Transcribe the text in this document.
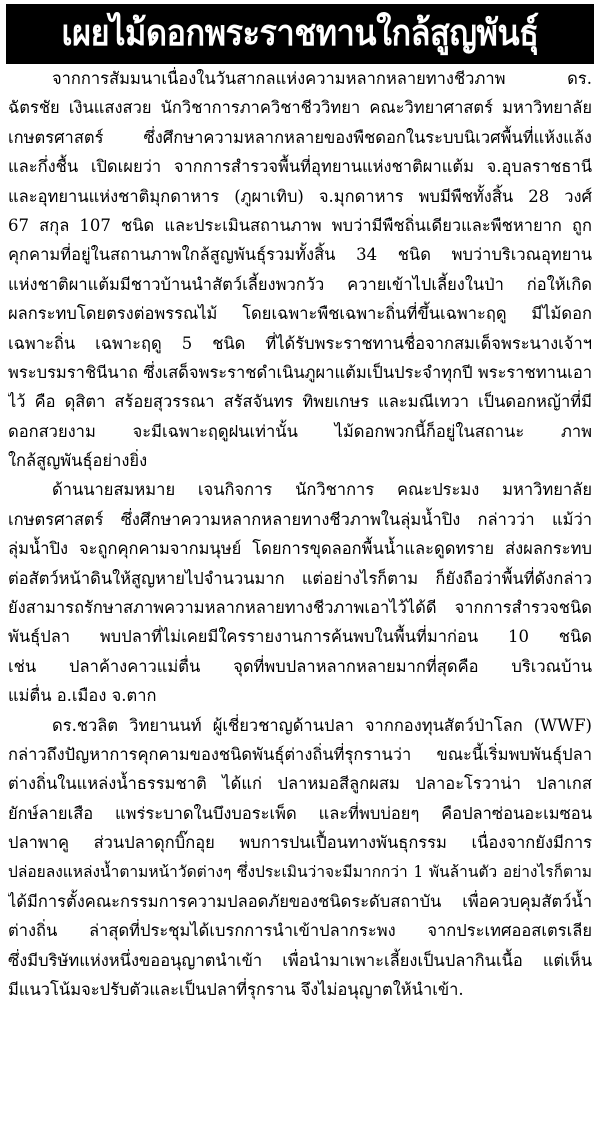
เผยไม้ดอกพระราชทานใกล้สูญพันธุ์
จากการสัมมนาเนื่องในวันสากลแห่งความหลากหลายทางชีวภาพ ดร.
ฉัตรชัย เงินแสงสวย นักวิชาการภาควิชาชีววิทยา คณะวิทยาศาสตร์ มหาวิทยาลัย
เกษตรศาสตร์ ซึ่งศึกษาความหลากหลายของพืชดอกในระบบนิเวศพื้นที่แห้งแล้ง
และกึ่งชื้น เปิดเผยว่า จากการสำรวจพื้นที่อุทยานแห่งชาติผาแต้ม จ.อุบลราชธานี
และอุทยานแห่งชาติมุกดาหาร (ภูผาเทิบ) จ.มุกดาหาร พบมีพืชทั้งสิ้น 28 วงศ์
67 สกุล 107 ชนิด และประเมินสถานภาพ พบว่ามีพืชถิ่นเดียวและพืชหายาก ถูก
คุกคามที่อยู่ในสถานภาพใกล้สูญพันธุ์รวมทั้งสิ้น 34 ชนิด พบว่าบริเวณอุทยาน
แห่งชาติผาแต้มมีชาวบ้านนำสัตว์เลี้ยงพวกวัว ควายเข้าไปเลี้ยงในป่า ก่อให้เกิด
ผลกระทบโดยตรงต่อพรรณไม้ โดยเฉพาะพืชเฉพาะถิ่นที่ขึ้นเฉพาะฤดู มีไม้ดอก
เฉพาะถิ่น เฉพาะฤดู 5 ชนิด ที่ได้รับพระราชทานชื่อจากสมเด็จพระนางเจ้าฯ
พระบรมราชินีนาถ ซึ่งเสด็จพระราชดำเนินภูผาแต้มเป็นประจำทุกปี พระราชทานเอา
ไว้ คือ ดุสิตา สร้อยสุวรรณา สรัสจันทร ทิพยเกษร และมณีเทวา เป็นดอกหญ้าที่มี
ดอกสวยงาม จะมีเฉพาะฤดูฝนเท่านั้น ไม้ดอกพวกนี้ก็อยู่ในสถานะ ภาพ
ใกล้สูญพันธุ์อย่างยิ่ง
ด้านนายสมหมาย เจนกิจการ นักวิชาการ คณะประมง มหาวิทยาลัย
เกษตรศาสตร์ ซึ่งศึกษาความหลากหลายทางชีวภาพในลุ่มน้ำปิง กล่าวว่า แม้ว่า
ลุ่มน้ำปิง จะถูกคุกคามจากมนุษย์ โดยการขุดลอกพื้นน้ำและดูดทราย ส่งผลกระทบ
ต่อสัตว์หน้าดินให้สูญหายไปจำนวนมาก แต่อย่างไรก็ตาม ก็ยังถือว่าพื้นที่ดังกล่าว
ยังสามารถรักษาสภาพความหลากหลายทางชีวภาพเอาไว้ได้ดี จากการสำรวจชนิด
พันธุ์ปลา พบปลาที่ไม่เคยมีใครรายงานการค้นพบในพื้นที่มาก่อน 10 ชนิด
เช่น ปลาค้างคาวแม่ตื่น จุดที่พบปลาหลากหลายมากที่สุดคือ บริเวณบ้าน
แม่ตื่น อ.เมือง จ.ตาก
ดร.ชวลิต วิทยานนท์ ผู้เชี่ยวชาญด้านปลา จากกองทุนสัตว์ป่าโลก (WWF)
กล่าวถึงปัญหาการคุกคามของชนิดพันธุ์ต่างถิ่นที่รุกรานว่า ขณะนี้เริ่มพบพันธุ์ปลา
ต่างถิ่นในแหล่งน้ำธรรมชาติ ได้แก่ ปลาหมอสีลูกผสม ปลาอะโรวาน่า ปลาเกส
ยักษ์ลายเสือ แพร่ระบาดในบึงบอระเพ็ด และที่พบบ่อยๆ คือปลาซ่อนอะเมซอน
ปลาพาคู ส่วนปลาดุกบิ๊กอุย พบการปนเปื้อนทางพันธุกรรม เนื่องจากยังมีการ
ปล่อยลงแหล่งน้ำตามหน้าวัดต่างๆ ซึ่งประเมินว่าจะมีมากกว่า 1 พันล้านตัว อย่างไรก็ตาม
ได้มีการตั้งคณะกรรมการความปลอดภัยของชนิดระดับสถาบัน เพื่อควบคุมสัตว์น้ำ
ต่างถิ่น ล่าสุดที่ประชุมได้เบรกการนำเข้าปลากระพง จากประเทศออสเตรเลีย
ซึ่งมีบริษัทแห่งหนึ่งขออนุญาตนำเข้า เพื่อนำมาเพาะเลี้ยงเป็นปลากินเนื้อ แต่เห็น
มีแนวโน้มจะปรับตัวและเป็นปลาที่รุกราน จึงไม่อนุญาตให้นำเข้า.
